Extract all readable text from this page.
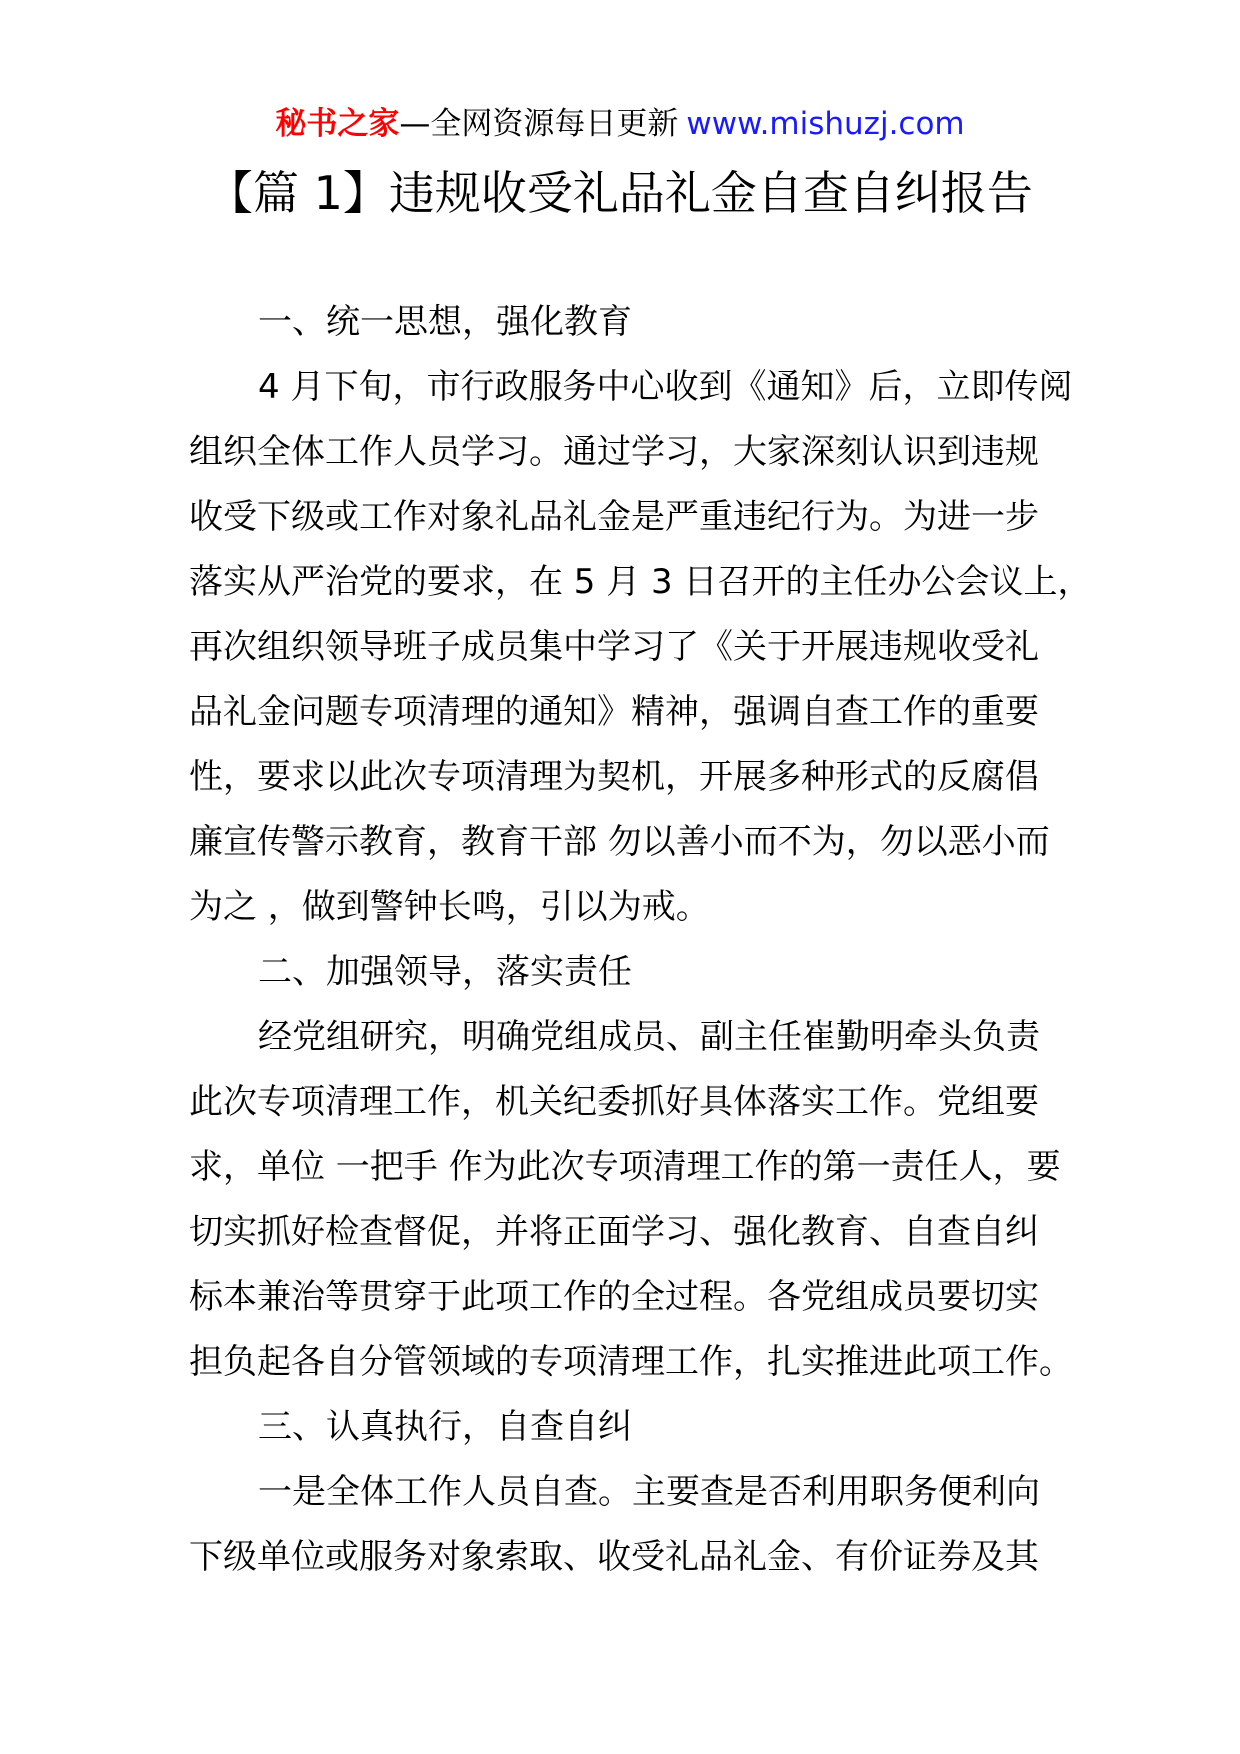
秘书之家—全网资源每日更新 www.mishuzj.com
【篇 1】违规收受礼品礼金自查自纠报告
一、统一思想，强化教育
4 月下旬，市行政服务中心收到《通知》后，立即传阅
组织全体工作人员学习。通过学习，大家深刻认识到违规
收受下级或工作对象礼品礼金是严重违纪行为。为进一步
落实从严治党的要求，在 5 月 3 日召开的主任办公会议上，
再次组织领导班子成员集中学习了《关于开展违规收受礼
品礼金问题专项清理的通知》精神，强调自查工作的重要
性，要求以此次专项清理为契机，开展多种形式的反腐倡
廉宣传警示教育，教育干部 勿以善小而不为，勿以恶小而
为之 ，做到警钟长鸣，引以为戒。
二、加强领导，落实责任
经党组研究，明确党组成员、副主任崔勤明牵头负责
此次专项清理工作，机关纪委抓好具体落实工作。党组要
求，单位 一把手 作为此次专项清理工作的第一责任人，要
切实抓好检查督促，并将正面学习、强化教育、自查自纠
标本兼治等贯穿于此项工作的全过程。各党组成员要切实
担负起各自分管领域的专项清理工作，扎实推进此项工作。
三、认真执行，自查自纠
一是全体工作人员自查。主要查是否利用职务便利向
下级单位或服务对象索取、收受礼品礼金、有价证券及其
